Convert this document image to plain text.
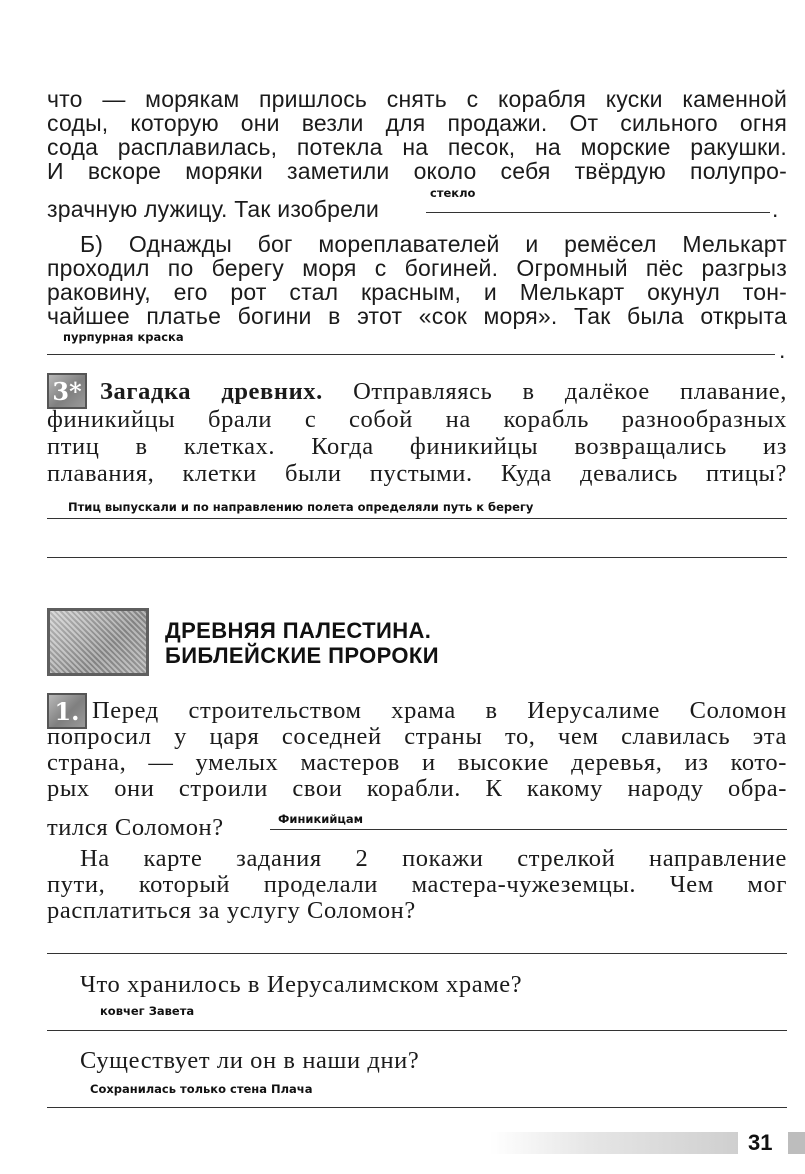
что — морякам пришлось снять с корабля куски каменной
соды, которую они везли для продажи. От сильного огня
сода расплавилась, потекла на песок, на морские ракушки.
И вскоре моряки заметили около себя твёрдую полупро-
зрачную лужицу. Так изобрели
стекло
.
Б) Однажды бог мореплавателей и ремёсел Мелькарт
проходил по берегу моря с богиней. Огромный пёс разгрыз
раковину, его рот стал красным, и Мелькарт окунул тон-
чайшее платье богини в этот «сок моря». Так была открыта
пурпурная краска	.
3* Загадка древних. Отправляясь в далёкое плавание,
финикийцы брали с собой на корабль разнообразных
птиц в клетках. Когда финикийцы возвращались из
плавания, клетки были пустыми. Куда девались птицы?
Птиц выпускали и по направлению полета определяли путь к берегу
ДРЕВНЯЯ ПАЛЕСТИНА.
БИБЛЕЙСКИЕ ПРОРОКИ
1. Перед строительством храма в Иерусалиме Соломон
попросил у царя соседней страны то, чем славилась эта
страна, — умелых мастеров и высокие деревья, из кото-
рых они строили свои корабли. К какому народу обра-
тился Соломон?	Финикийцам
На карте задания 2 покажи стрелкой направление
пути, который проделали мастера-чужеземцы. Чем мог
расплатиться за услугу Соломон?
Что хранилось в Иерусалимском храме?
ковчег Завета
Существует ли он в наши дни?
Сохранилась только стена Плача
31
